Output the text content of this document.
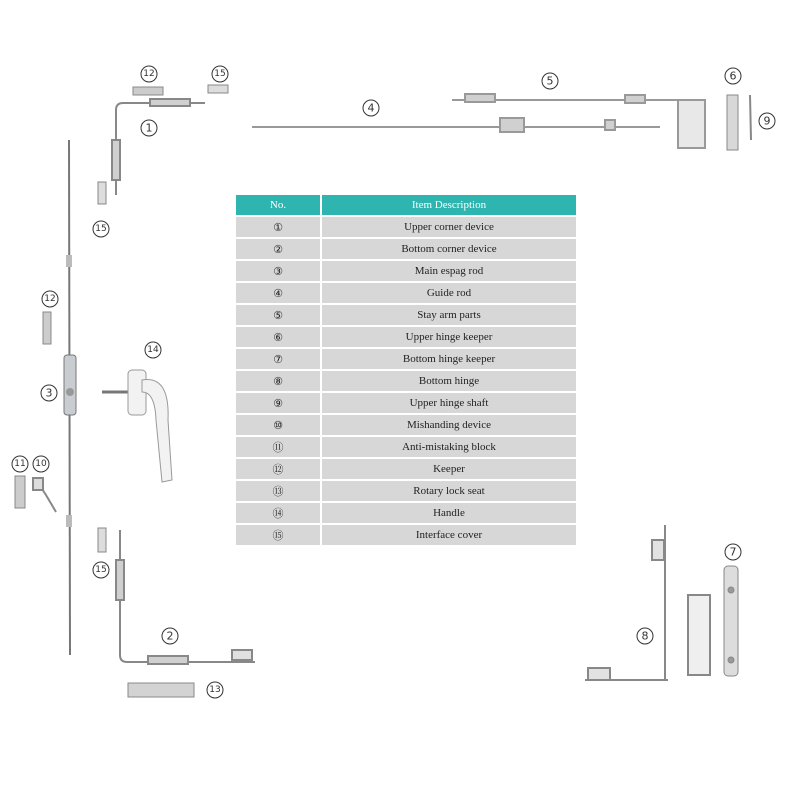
1
2
3
4
5	6
7
8
9
10
11
12
12
13
14
15
15
15
No.	Item Description
①	Upper corner device
②	Bottom corner device
③	Main espag rod
④	Guide rod
⑤	Stay arm parts
⑥	Upper hinge keeper
⑦	Bottom hinge keeper
⑧	Bottom hinge
⑨	Upper hinge shaft
⑩	Mishanding device
⑪	Anti-mistaking block
⑫	Keeper
⑬	Rotary lock seat
⑭	Handle
⑮	Interface cover
